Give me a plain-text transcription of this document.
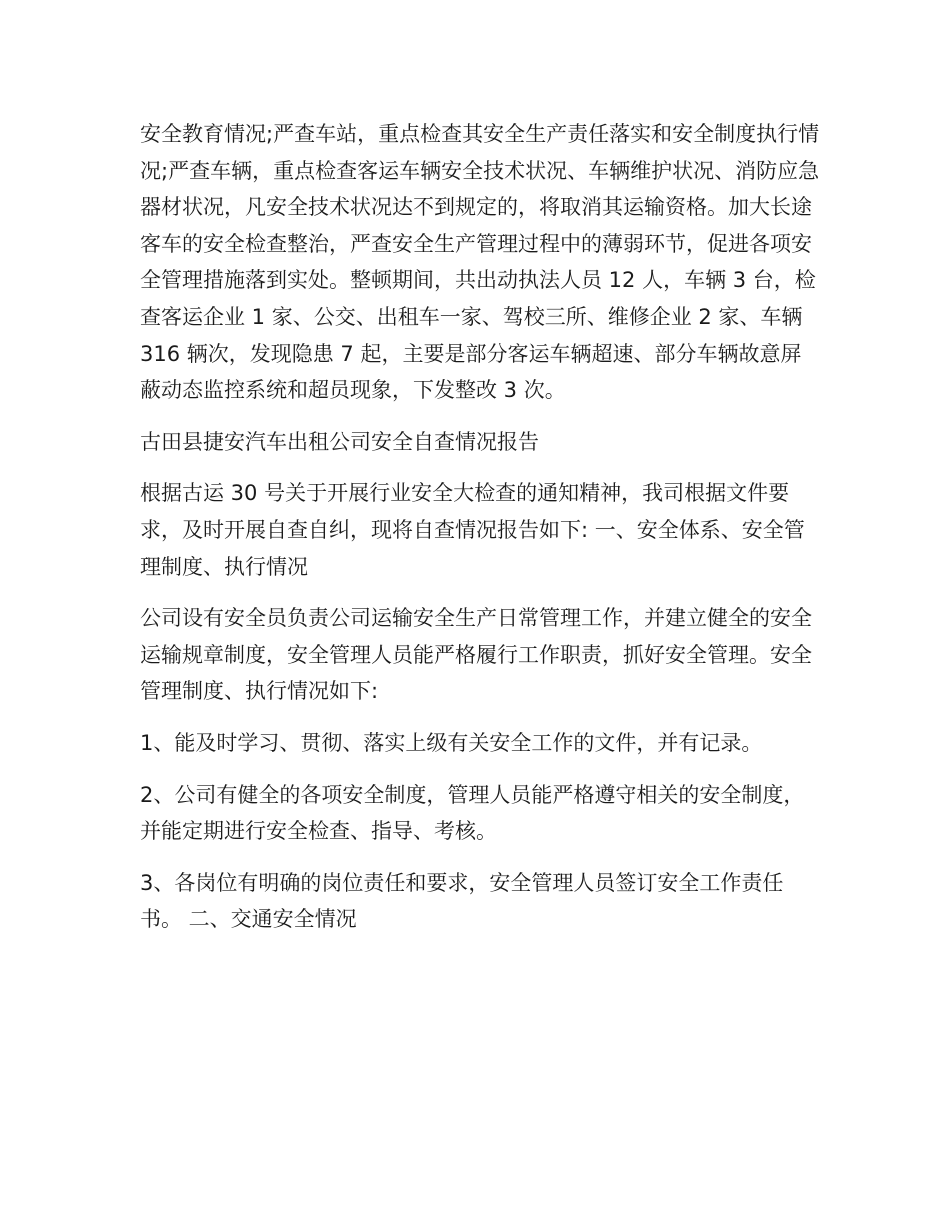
安全教育情况;严查车站，重点检查其安全生产责任落实和安全制度执行情况;严查车辆，重点检查客运车辆安全技术状况、车辆维护状况、消防应急器材状况，凡安全技术状况达不到规定的，将取消其运输资格。加大长途客车的安全检查整治，严查安全生产管理过程中的薄弱环节，促进各项安全管理措施落到实处。整顿期间，共出动执法人员 12 人，车辆 3 台，检查客运企业 1 家、公交、出租车一家、驾校三所、维修企业 2 家、车辆 316 辆次，发现隐患 7 起，主要是部分客运车辆超速、部分车辆故意屏蔽动态监控系统和超员现象，下发整改 3 次。

古田县捷安汽车出租公司安全自查情况报告

根据古运 30 号关于开展行业安全大检查的通知精神，我司根据文件要求，及时开展自查自纠，现将自查情况报告如下: 一、安全体系、安全管理制度、执行情况

公司设有安全员负责公司运输安全生产日常管理工作，并建立健全的安全运输规章制度，安全管理人员能严格履行工作职责，抓好安全管理。安全管理制度、执行情况如下:

1、能及时学习、贯彻、落实上级有关安全工作的文件，并有记录。

2、公司有健全的各项安全制度，管理人员能严格遵守相关的安全制度，并能定期进行安全检查、指导、考核。

3、各岗位有明确的岗位责任和要求，安全管理人员签订安全工作责任书。 二、交通安全情况
